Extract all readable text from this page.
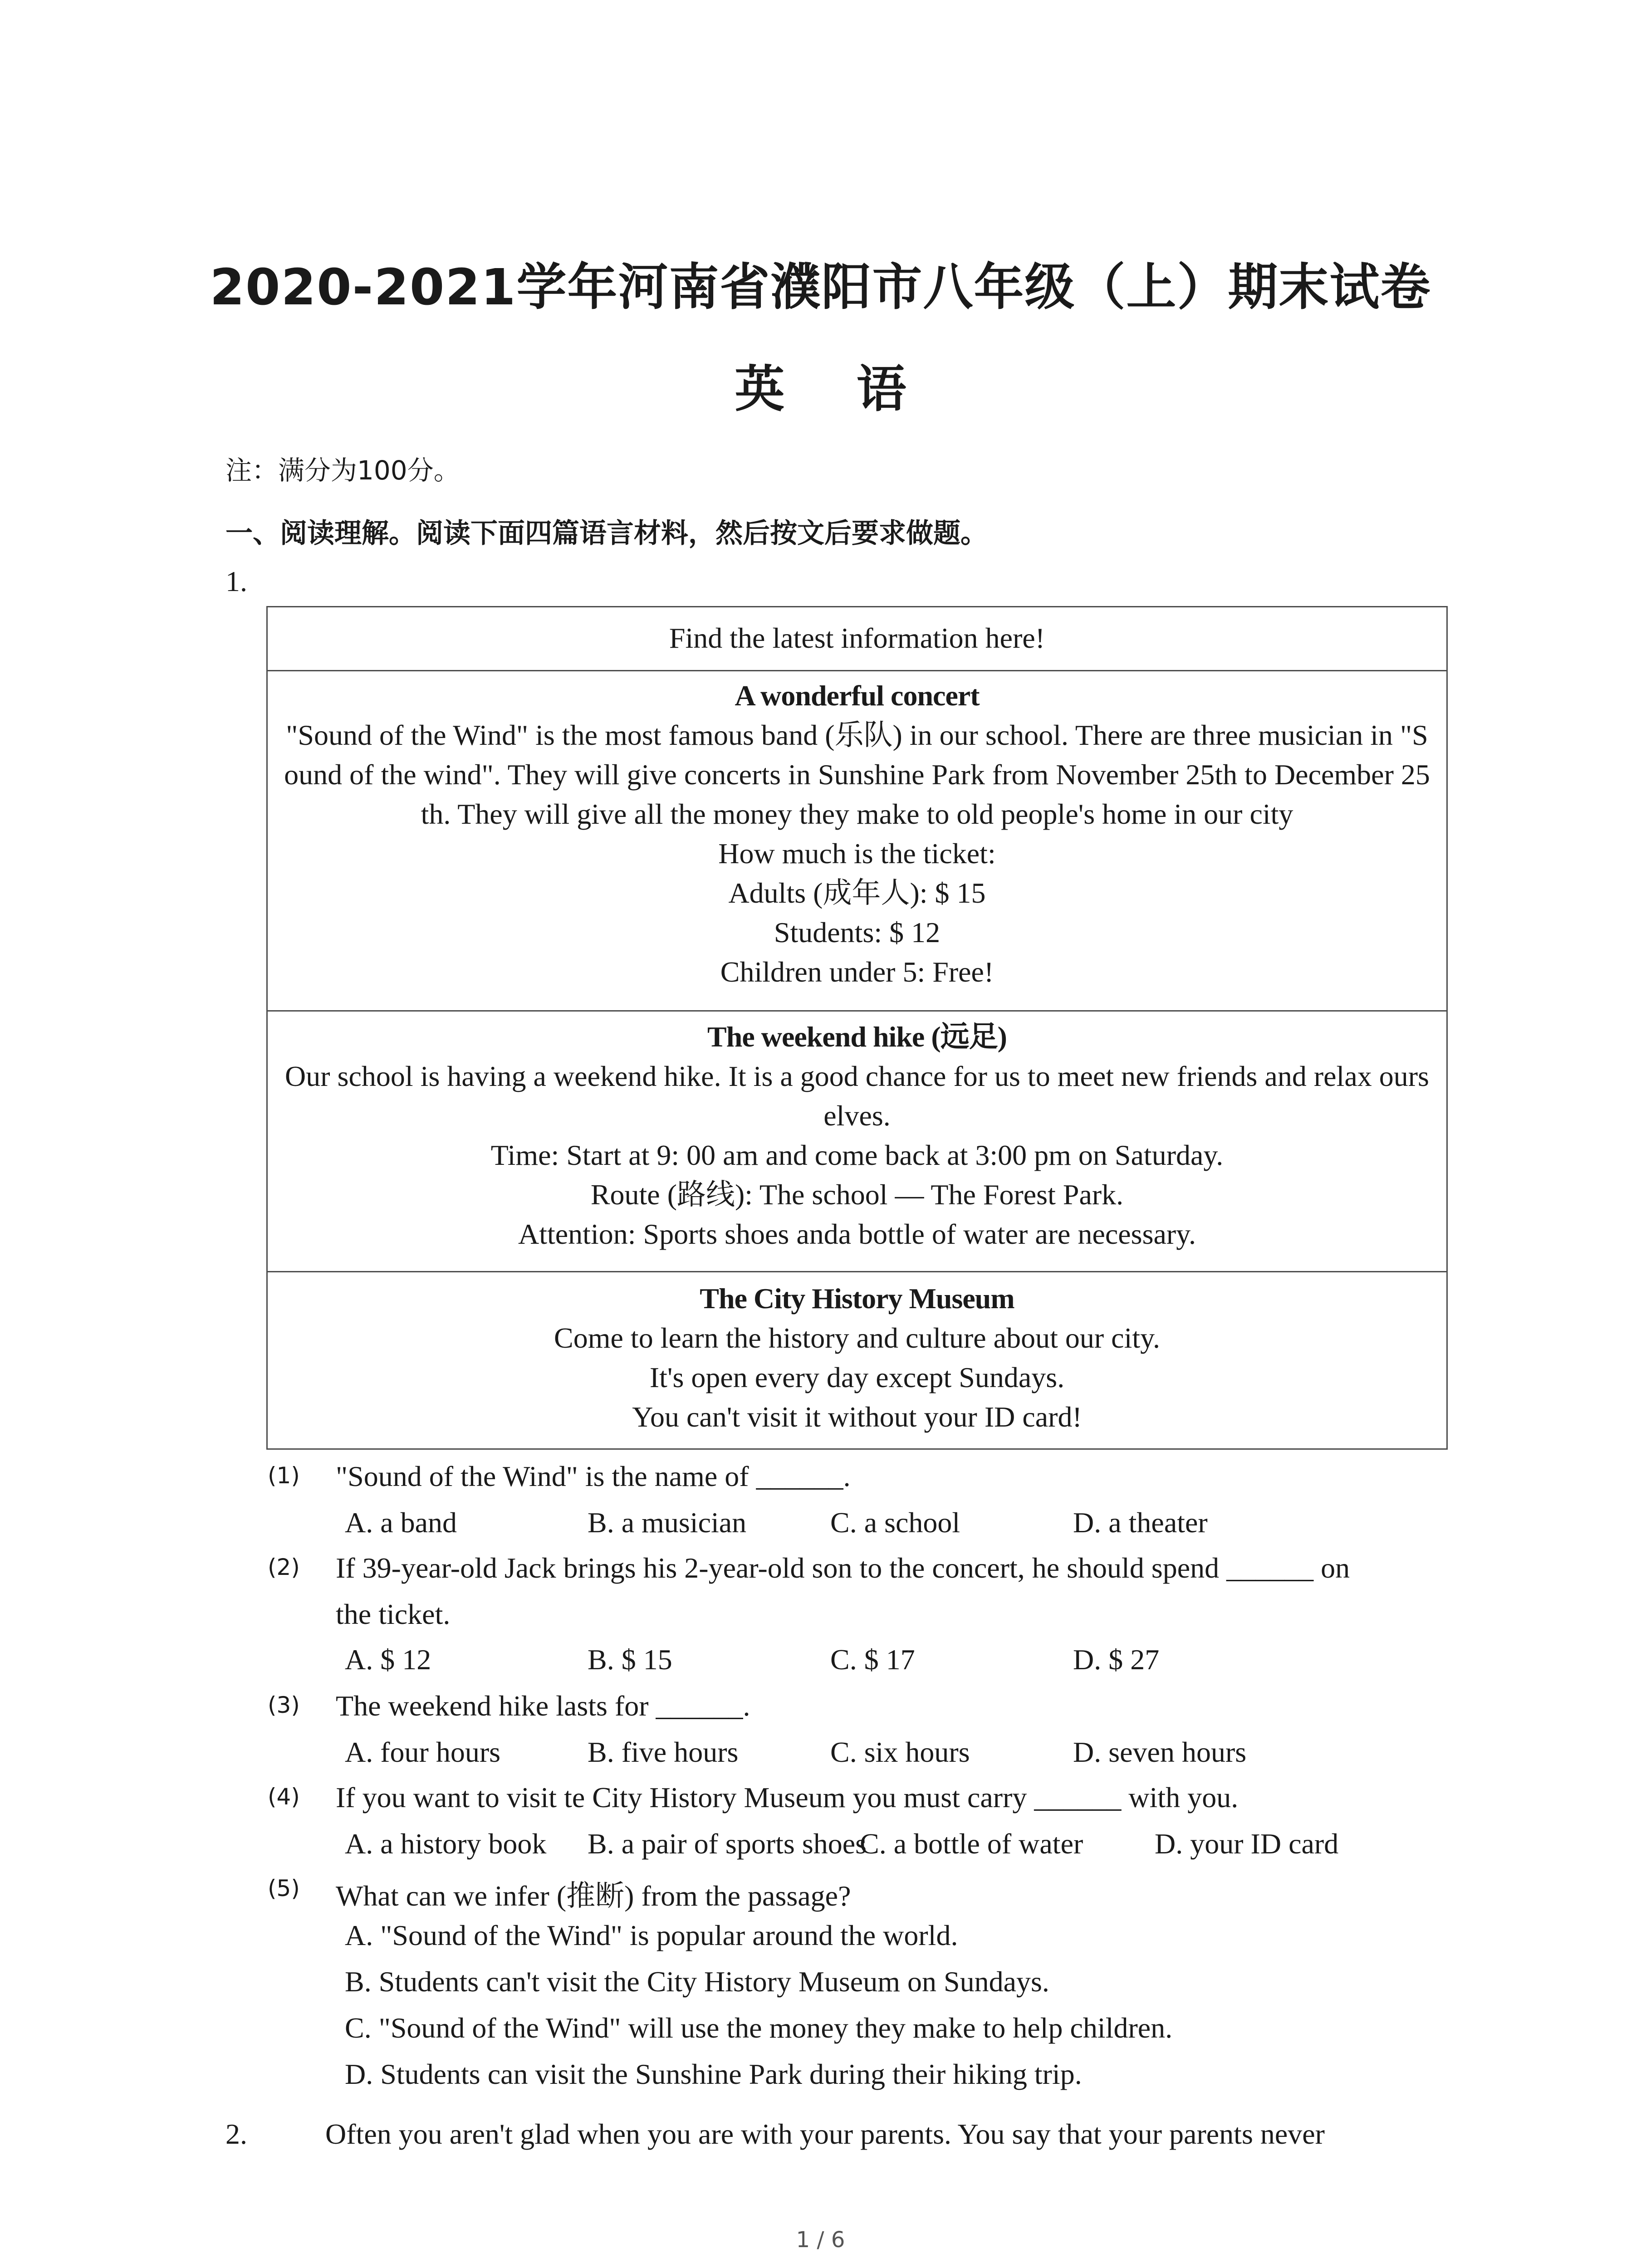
2020-2021学年河南省濮阳市八年级（上）期末试卷
英 语
注：满分为100分。
一、阅读理解。阅读下面四篇语言材料，然后按文后要求做题。
1.
Find the latest information here!
A wonderful concert
"Sound of the Wind" is the most famous band (乐队) in our school. There are three musician in "Sound of the wind". They will give concerts in Sunshine Park from November 25th to December 25th. They will give all the money they make to old people's home in our city
How much is the ticket:
Adults (成年人): $ 15
Students: $ 12
Children under 5: Free!
The weekend hike (远足)
Our school is having a weekend hike. It is a good chance for us to meet new friends and relax ourselves.
Time: Start at 9: 00 am and come back at 3:00 pm on Saturday.
Route (路线): The school — The Forest Park.
Attention: Sports shoes anda bottle of water are necessary.
The City History Museum
Come to learn the history and culture about our city.
It's open every day except Sundays.
You can't visit it without your ID card!
(1) "Sound of the Wind" is the name of ______.
A. a band	B. a musician	C. a school	D. a theater
(2) If 39-year-old Jack brings his 2-year-old son to the concert, he should spend ______ on
the ticket.
A. $ 12	B. $ 15	C. $ 17	D. $ 27
(3) The weekend hike lasts for ______.
A. four hours	B. five hours	C. six hours	D. seven hours
(4) If you want to visit te City History Museum you must carry ______ with you.
A. a history book B. a pair of sports shoes
C. a bottle of water D. your ID card
(5) What can we infer (推断) from the passage?
A. "Sound of the Wind" is popular around the world.
B. Students can't visit the City History Museum on Sundays.
C. "Sound of the Wind" will use the money they make to help children.
D. Students can visit the Sunshine Park during their hiking trip.
2.	Often you aren't glad when you are with your parents. You say that your parents never
1 / 6
